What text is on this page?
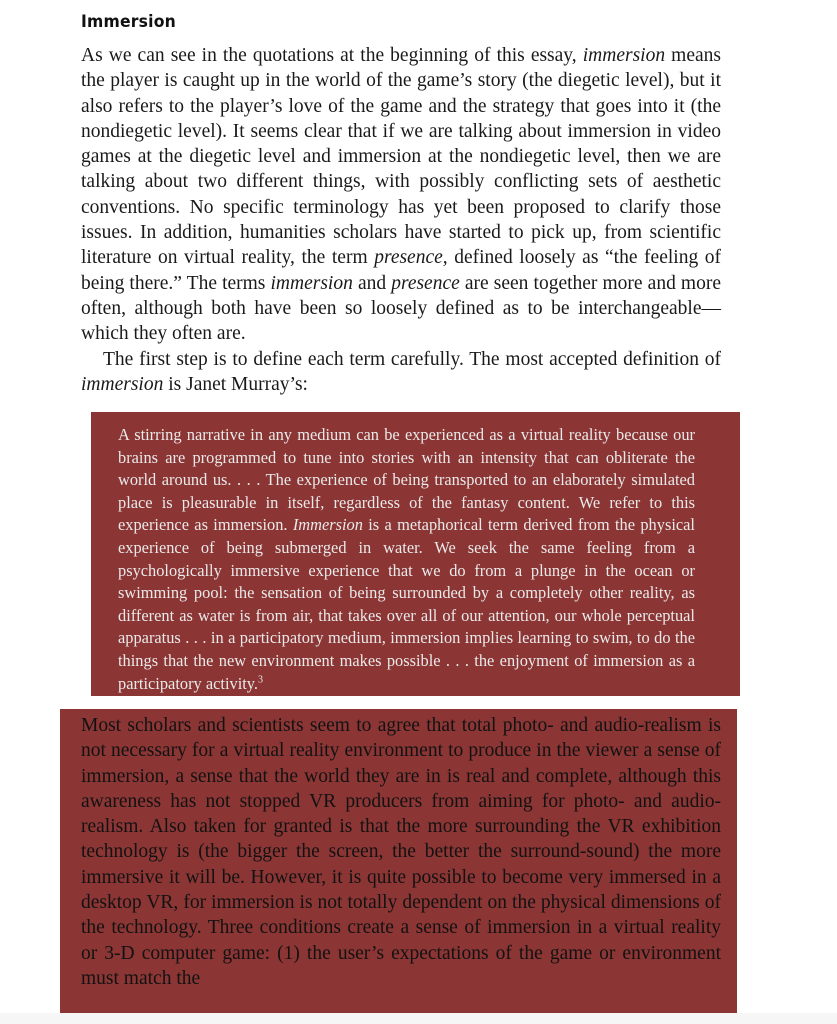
Immersion

As we can see in the quotations at the beginning of this essay, immersion means the player is caught up in the world of the game’s story (the diegetic level), but it also refers to the player’s love of the game and the strategy that goes into it (the nondiegetic level). It seems clear that if we are talking about immersion in video games at the diegetic level and immersion at the nondiegetic level, then we are talking about two different things, with possibly conflicting sets of aesthetic conventions. No specific terminology has yet been proposed to clarify those issues. In addition, humanities scholars have started to pick up, from scientific literature on virtual reality, the term presence, defined loosely as “the feeling of being there.” The terms immersion and presence are seen together more and more often, although both have been so loosely defined as to be interchangeable—which they often are.

The first step is to define each term carefully. The most accepted definition of immersion is Janet Murray’s:

A stirring narrative in any medium can be experienced as a virtual reality because our brains are programmed to tune into stories with an intensity that can obliterate the world around us. . . . The experience of being transported to an elaborately simulated place is pleasurable in itself, regardless of the fantasy content. We refer to this experience as immersion. Immersion is a metaphorical term derived from the physical experience of being submerged in water. We seek the same feeling from a psychologically immersive experience that we do from a plunge in the ocean or swimming pool: the sensation of being surrounded by a completely other reality, as different as water is from air, that takes over all of our attention, our whole perceptual apparatus . . . in a participatory medium, immersion implies learning to swim, to do the things that the new environment makes possible . . . the enjoyment of immersion as a participatory activity.$^3$

Most scholars and scientists seem to agree that total photo- and audio-realism is not necessary for a virtual reality environment to produce in the viewer a sense of immersion, a sense that the world they are in is real and complete, although this awareness has not stopped VR producers from aiming for photo- and audio-realism. Also taken for granted is that the more surrounding the VR exhibition technology is (the bigger the screen, the better the surround-sound) the more immersive it will be. However, it is quite possible to become very immersed in a desktop VR, for immersion is not totally dependent on the physical dimensions of the technology. Three conditions create a sense of immersion in a virtual reality or 3-D computer game: (1) the user’s expectations of the game or environment must match the
